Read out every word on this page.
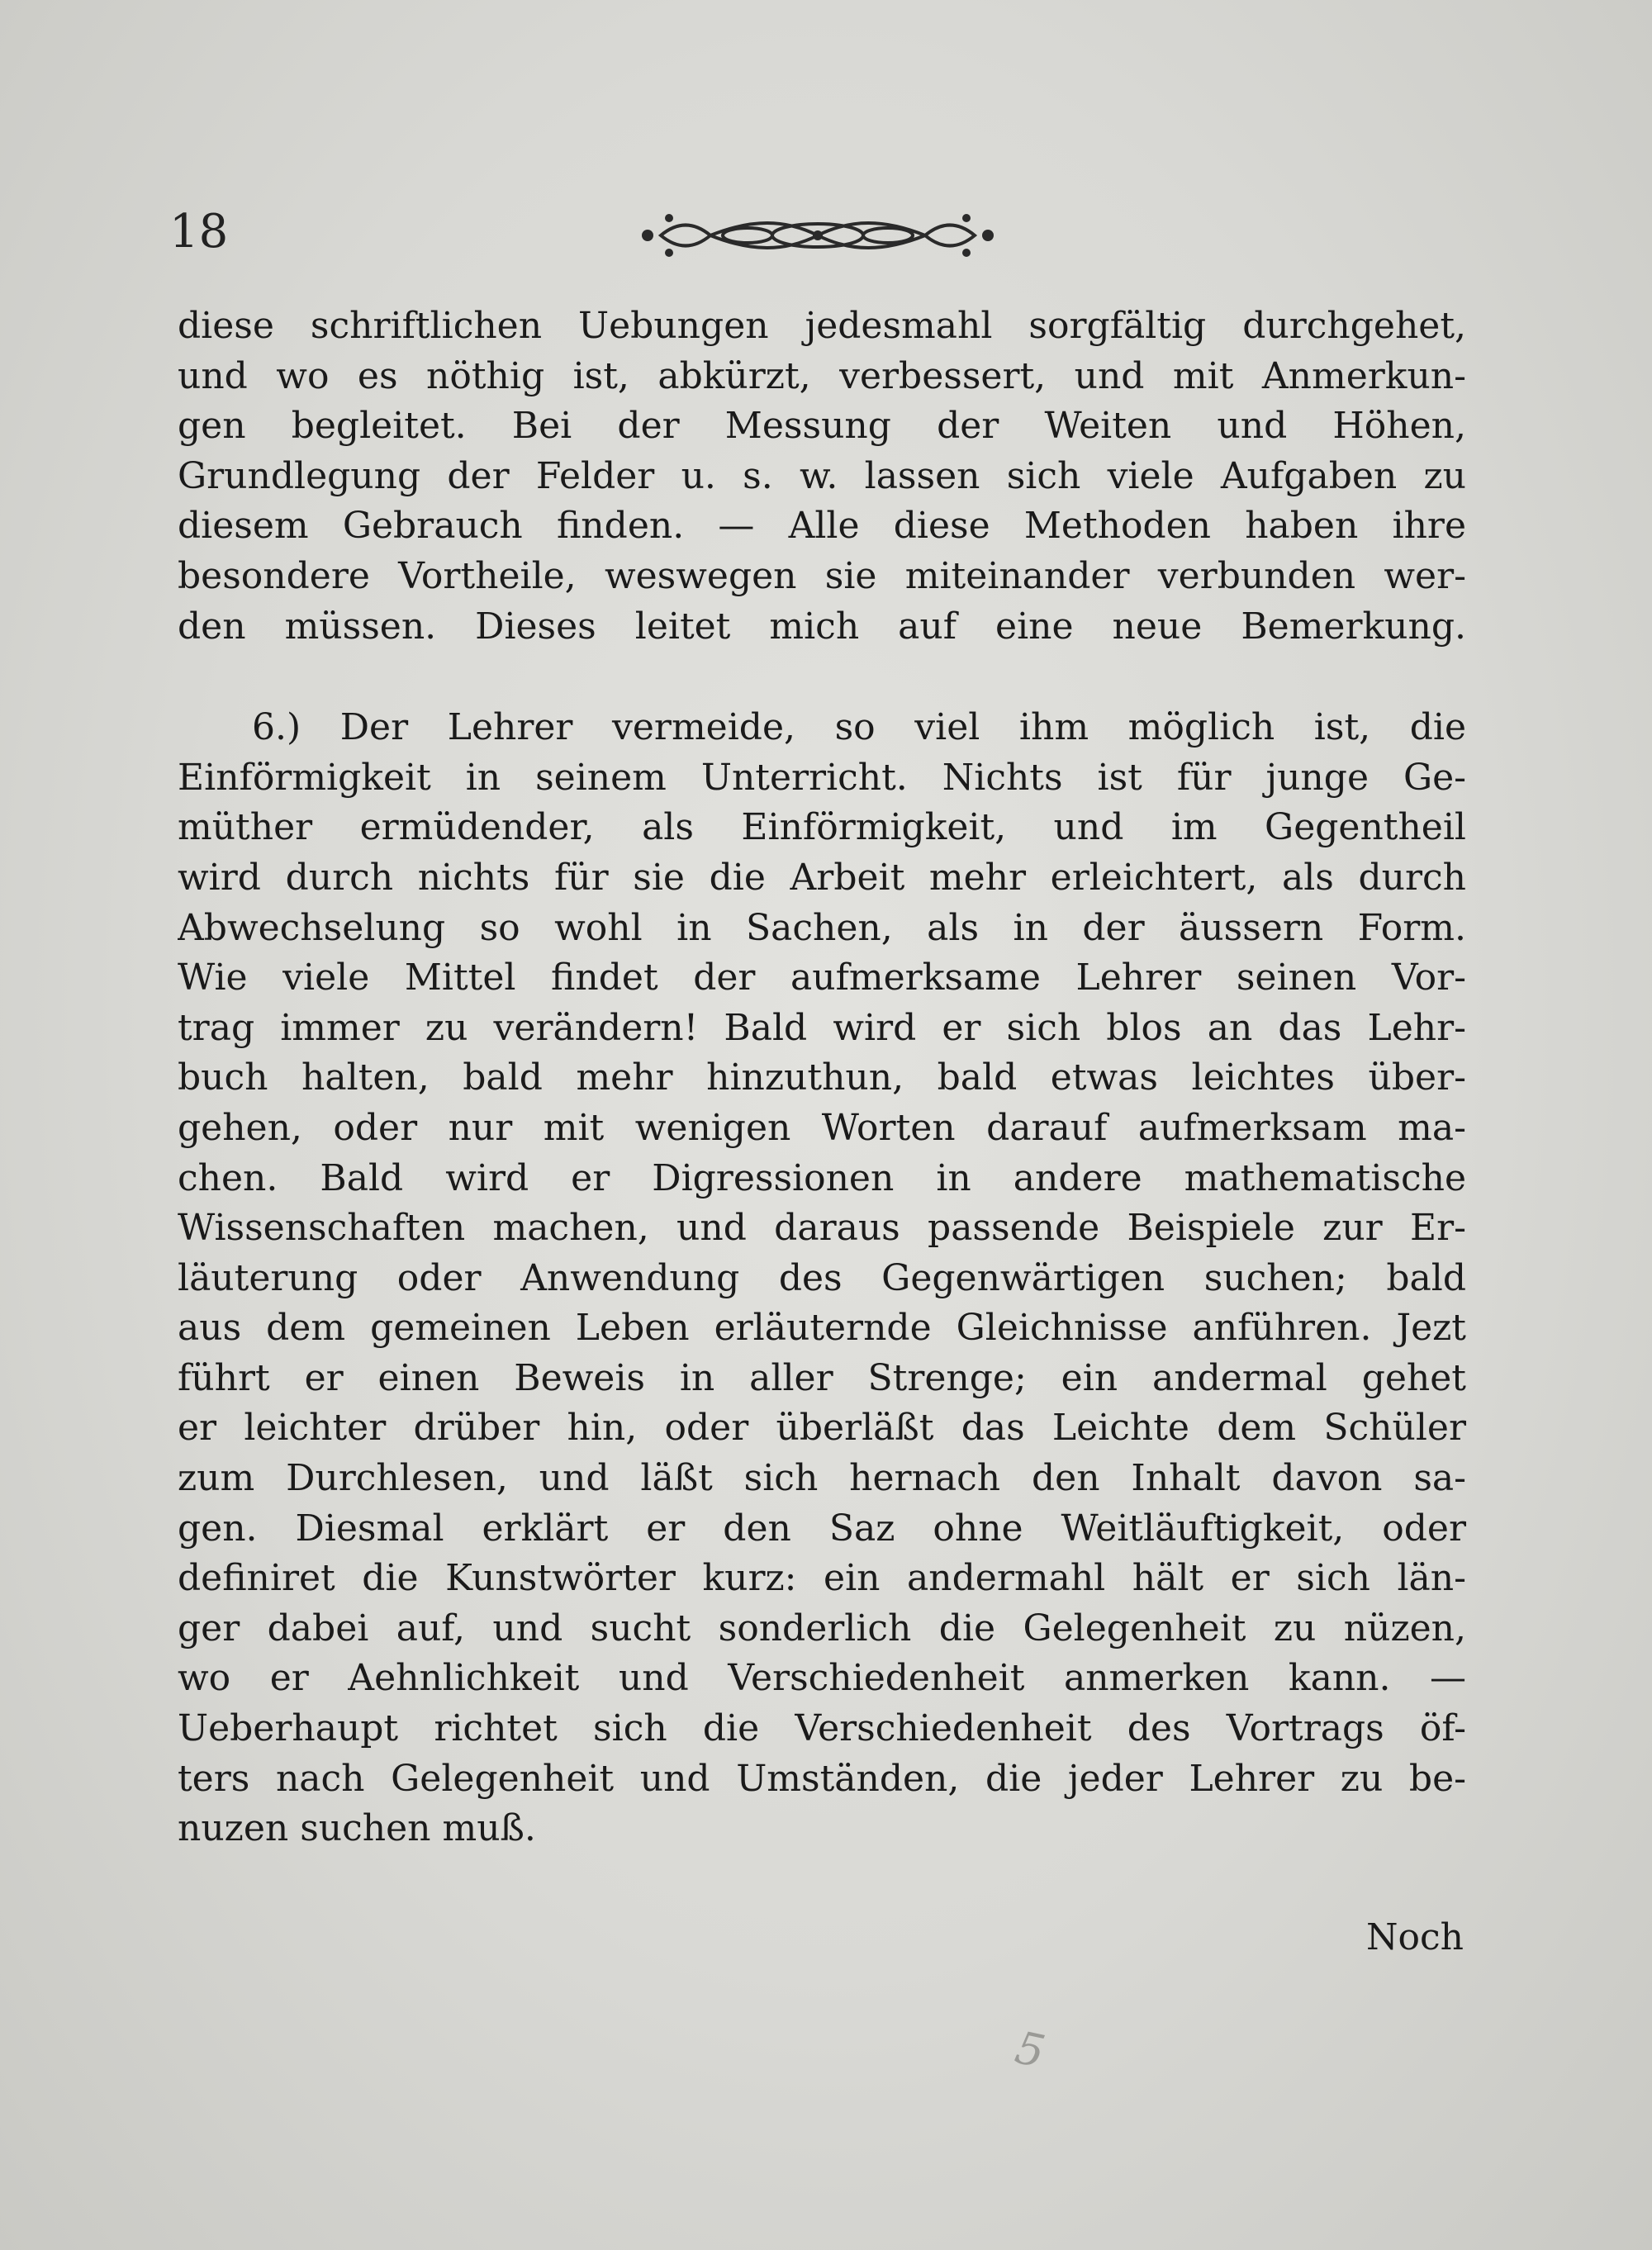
18
diese schriftlichen Uebungen jedesmahl sorgfältig durchgehet,
und wo es nöthig ist, abkürzt, verbessert, und mit Anmerkun-
gen begleitet. Bei der Messung der Weiten und Höhen,
Grundlegung der Felder u. s. w. lassen sich viele Aufgaben zu
diesem Gebrauch finden. — Alle diese Methoden haben ihre
besondere Vortheile, weswegen sie miteinander verbunden wer-
den müssen. Dieses leitet mich auf eine neue Bemerkung.
6.) Der Lehrer vermeide, so viel ihm möglich ist, die
Einförmigkeit in seinem Unterricht. Nichts ist für junge Ge-
müther ermüdender, als Einförmigkeit, und im Gegentheil
wird durch nichts für sie die Arbeit mehr erleichtert, als durch
Abwechselung so wohl in Sachen, als in der äussern Form.
Wie viele Mittel findet der aufmerksame Lehrer seinen Vor-
trag immer zu verändern! Bald wird er sich blos an das Lehr-
buch halten, bald mehr hinzuthun, bald etwas leichtes über-
gehen, oder nur mit wenigen Worten darauf aufmerksam ma-
chen. Bald wird er Digressionen in andere mathematische
Wissenschaften machen, und daraus passende Beispiele zur Er-
läuterung oder Anwendung des Gegenwärtigen suchen; bald
aus dem gemeinen Leben erläuternde Gleichnisse anführen. Jezt
führt er einen Beweis in aller Strenge; ein andermal gehet
er leichter drüber hin, oder überläßt das Leichte dem Schüler
zum Durchlesen, und läßt sich hernach den Inhalt davon sa-
gen. Diesmal erklärt er den Saz ohne Weitläuftigkeit, oder
definiret die Kunstwörter kurz: ein andermahl hält er sich län-
ger dabei auf, und sucht sonderlich die Gelegenheit zu nüzen,
wo er Aehnlichkeit und Verschiedenheit anmerken kann. —
Ueberhaupt richtet sich die Verschiedenheit des Vortrags öf-
ters nach Gelegenheit und Umständen, die jeder Lehrer zu be-
nuzen suchen muß.
Noch
5
